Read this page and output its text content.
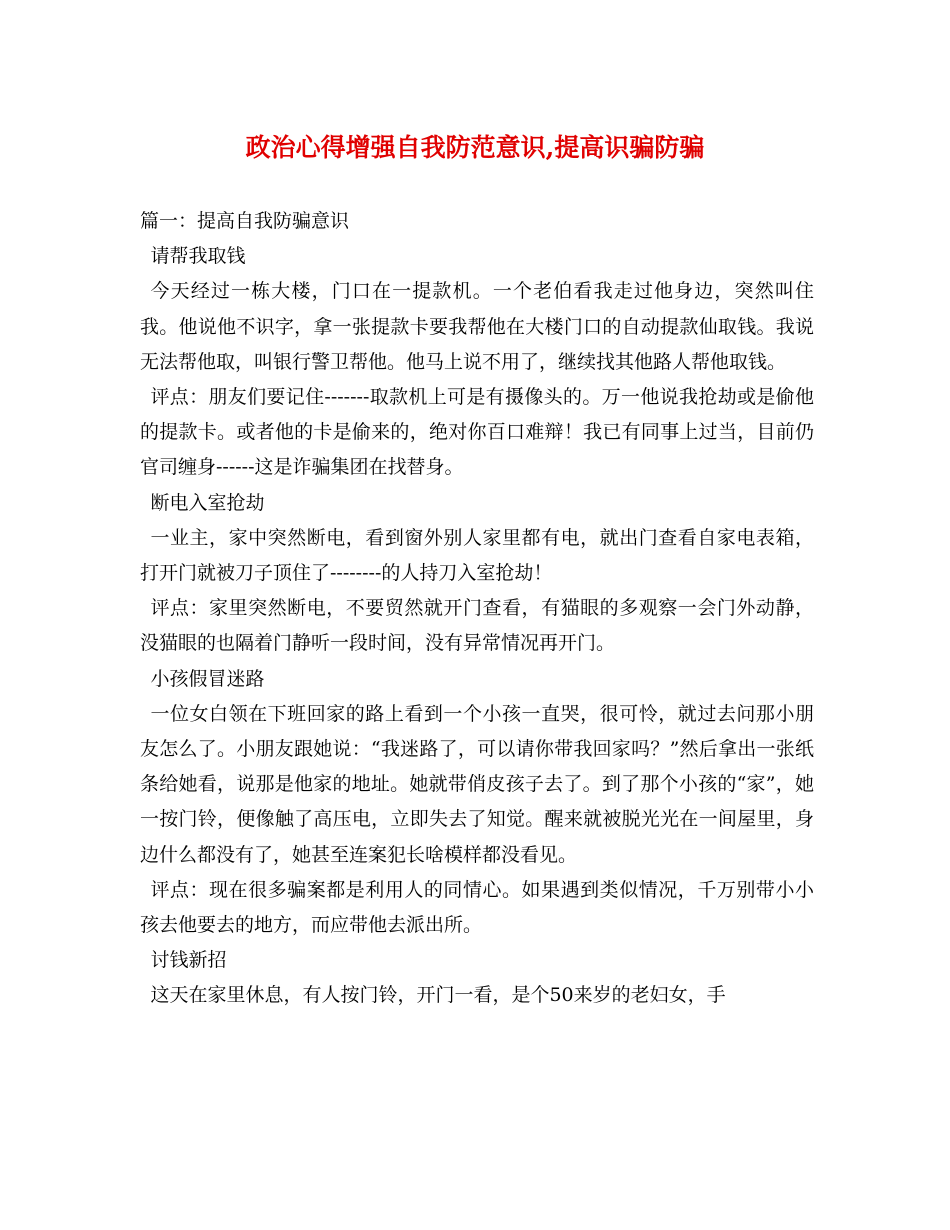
政治心得增强自我防范意识,提高识骗防骗

篇一：提高自我防骗意识

请帮我取钱

今天经过一栋大楼，门口在一提款机。一个老伯看我走过他身边，突然叫住我。他说他不识字，拿一张提款卡要我帮他在大楼门口的自动提款仙取钱。我说无法帮他取，叫银行警卫帮他。他马上说不用了，继续找其他路人帮他取钱。

评点：朋友们要记住-------取款机上可是有摄像头的。万一他说我抢劫或是偷他的提款卡。或者他的卡是偷来的，绝对你百口难辩！我已有同事上过当，目前仍官司缠身------这是诈骗集团在找替身。

断电入室抢劫

一业主，家中突然断电，看到窗外别人家里都有电，就出门查看自家电表箱，打开门就被刀子顶住了--------的人持刀入室抢劫！

评点：家里突然断电，不要贸然就开门查看，有猫眼的多观察一会门外动静，没猫眼的也隔着门静听一段时间，没有异常情况再开门。

小孩假冒迷路

一位女白领在下班回家的路上看到一个小孩一直哭，很可怜，就过去问那小朋友怎么了。小朋友跟她说：“我迷路了，可以请你带我回家吗？”然后拿出一张纸条给她看，说那是他家的地址。她就带俏皮孩子去了。到了那个小孩的“家”，她一按门铃，便像触了高压电，立即失去了知觉。醒来就被脱光光在一间屋里，身边什么都没有了，她甚至连案犯长啥模样都没看见。

评点：现在很多骗案都是利用人的同情心。如果遇到类似情况，千万别带小小孩去他要去的地方，而应带他去派出所。

讨钱新招

这天在家里休息，有人按门铃，开门一看，是个50来岁的老妇女，手
